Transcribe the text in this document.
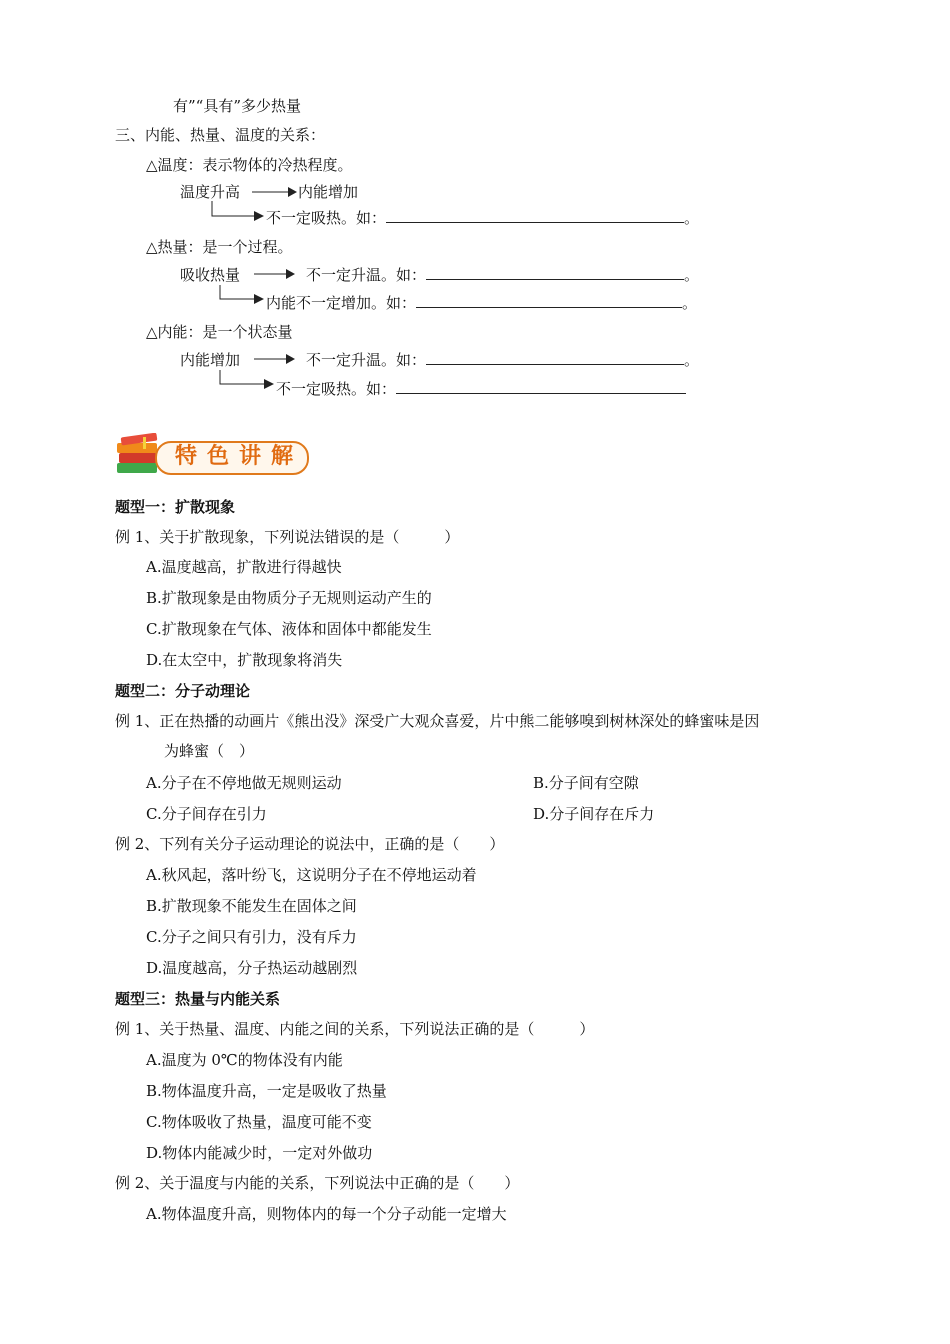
有”“具有”多少热量
三、内能、热量、温度的关系：
△温度：表示物体的冷热程度。
温度升高	内能增加
不一定吸热。如：	。
△热量：是一个过程。
吸收热量	不一定升温。如：	。
内能不一定增加。如：	。
△内能：是一个状态量
内能增加	不一定升温。如：	。
不一定吸热。如：
特色讲解
题型一：扩散现象
例 1、关于扩散现象，下列说法错误的是（　　　）
A.温度越高，扩散进行得越快
B.扩散现象是由物质分子无规则运动产生的
C.扩散现象在气体、液体和固体中都能发生
D.在太空中，扩散现象将消失
题型二：分子动理论
例 1、正在热播的动画片《熊出没》深受广大观众喜爱，片中熊二能够嗅到树林深处的蜂蜜味是因
为蜂蜜（　）
A.分子在不停地做无规则运动	B.分子间有空隙
C.分子间存在引力	D.分子间存在斥力
例 2、下列有关分子运动理论的说法中，正确的是（　　）
A.秋风起，落叶纷飞，这说明分子在不停地运动着
B.扩散现象不能发生在固体之间
C.分子之间只有引力，没有斥力
D.温度越高，分子热运动越剧烈
题型三：热量与内能关系
例 1、关于热量、温度、内能之间的关系，下列说法正确的是（　　　）
A.温度为 0℃的物体没有内能
B.物体温度升高，一定是吸收了热量
C.物体吸收了热量，温度可能不变
D.物体内能减少时，一定对外做功
例 2、关于温度与内能的关系，下列说法中正确的是（　　）
A.物体温度升高，则物体内的每一个分子动能一定增大
